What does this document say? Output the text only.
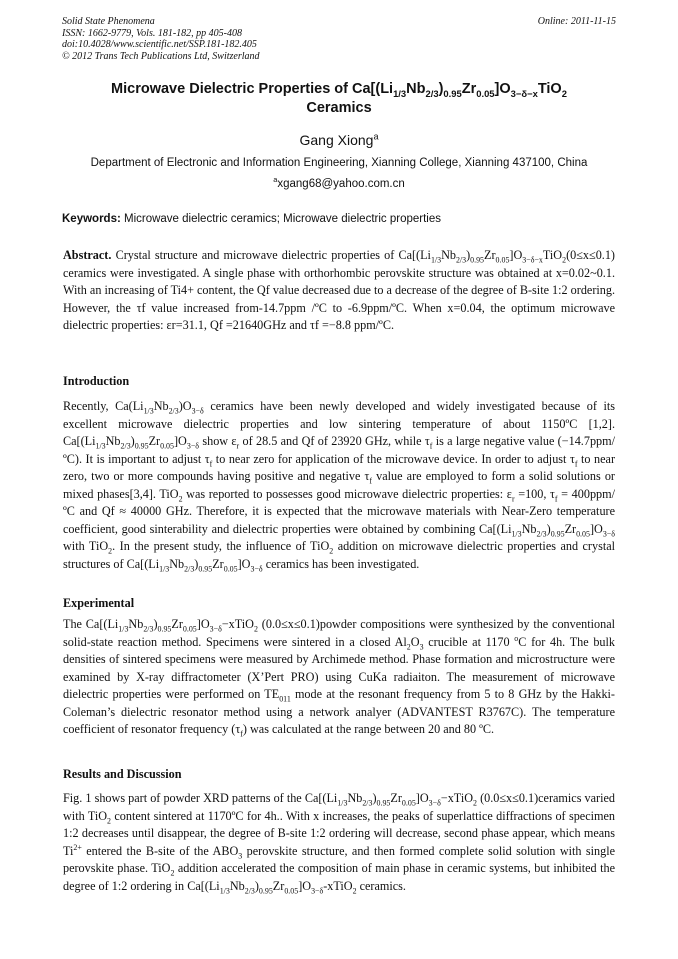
Solid State Phenomena
ISSN: 1662-9779, Vols. 181-182, pp 405-408
doi:10.4028/www.scientific.net/SSP.181-182.405
© 2012 Trans Tech Publications Ltd, Switzerland
Online: 2011-11-15
Microwave Dielectric Properties of $Ca[(Li_{1/3}Nb_{2/3})_{0.95}Zr_{0.05}]O_{3-\delta-x}TiO_2$
Ceramics
Gang Xiong$^a$
Department of Electronic and Information Engineering, Xianning College, Xianning 437100, China
$^a$xgang68@yahoo.com.cn
Keywords: Microwave dielectric ceramics; Microwave dielectric properties
Abstract. Crystal structure and microwave dielectric properties of $Ca[(Li_{1/3}Nb_{2/3})_{0.95}Zr_{0.05}]O_{3-\delta-x}TiO_2(0\le x\le 0.1)$ ceramics were investigated. A single phase with orthorhombic perovskite structure was obtained at x=0.02~0.1. With an increasing of Ti4+ content, the Qf value decreased due to a decrease of the degree of B-site 1:2 ordering. However, the τf value increased from-14.7ppm /ºC to -6.9ppm/ºC. When x=0.04, the optimum microwave dielectric properties: εr=31.1, Qf =21640GHz and τf =−8.8 ppm/ºC.
Introduction
Recently, $Ca(Li_{1/3}Nb_{2/3})O_{3-\delta}$ ceramics have been newly developed and widely investigated because of its excellent microwave dielectric properties and low sintering temperature of about 1150ºC [1,2]. $Ca[(Li_{1/3}Nb_{2/3})_{0.95}Zr_{0.05}]O_{3-\delta}$ show $\varepsilon_r$ of 28.5 and Qf of 23920 GHz, while $\tau_f$ is a large negative value (−14.7ppm/ºC). It is important to adjust $\tau_f$ to near zero for application of the microwave device. In order to adjust $\tau_f$ to near zero, two or more compounds having positive and negative $\tau_f$ value are employed to form a solid solutions or mixed phases[3,4]. TiO$_2$ was reported to possesses good microwave dielectric properties: $\varepsilon_r =100$, $\tau_f$ = 400ppm/ºC and Qf ≈ 40000 GHz. Therefore, it is expected that the microwave materials with Near-Zero temperature coefficient, good sinterability and dielectric properties were obtained by combining $Ca[(Li_{1/3}Nb_{2/3})_{0.95}Zr_{0.05}]O_{3-\delta}$ with TiO$_2$. In the present study, the influence of TiO$_2$ addition on microwave dielectric properties and crystal structures of $Ca[(Li_{1/3}Nb_{2/3})_{0.95}Zr_{0.05}]O_{3-\delta}$ ceramics has been investigated.
Experimental
The $Ca[(Li_{1/3}Nb_{2/3})_{0.95}Zr_{0.05}]O_{3-\delta}-xTiO_2$ (0.0≤x≤0.1)powder compositions were synthesized by the conventional solid-state reaction method. Specimens were sintered in a closed $Al_2O_3$ crucible at 1170 $^o$C for 4h. The bulk densities of sintered specimens were measured by Archimede method. Phase formation and microstructure were examined by X-ray diffractometer (X’Pert PRO) using CuKa radiaiton. The measurement of microwave dielectric properties were performed on $TE_{011}$ mode at the resonant frequency from 5 to 8 GHz by the Hakki-Coleman’s dielectric resonator method using a network analyer (ADVANTEST R3767C). The temperature coefficient of resonator frequency $(\tau_f)$ was calculated at the range between 20 and 80 ºC.
Results and Discussion
Fig. 1 shows part of powder XRD patterns of the $Ca[(Li_{1/3}Nb_{2/3})_{0.95}Zr_{0.05}]O_{3-\delta}-xTiO_2$ (0.0≤x≤0.1)ceramics varied with TiO$_2$ content sintered at 1170ºC for 4h.. With x increases, the peaks of superlattice diffractions of specimen 1:2 decreases until disappear, the degree of B-site 1:2 ordering will decrease, second phase appear, which means $Ti^{2+}$ entered the B-site of the $ABO_3$ perovskite structure, and then formed complete solid solution with single perovskite phase. TiO$_2$ addition accelerated the composition of main phase in ceramic systems, but inhibited the degree of 1:2 ordering in $Ca[(Li_{1/3}Nb_{2/3})_{0.95}Zr_{0.05}]O_{3-\delta}-xTiO_2$ ceramics.
